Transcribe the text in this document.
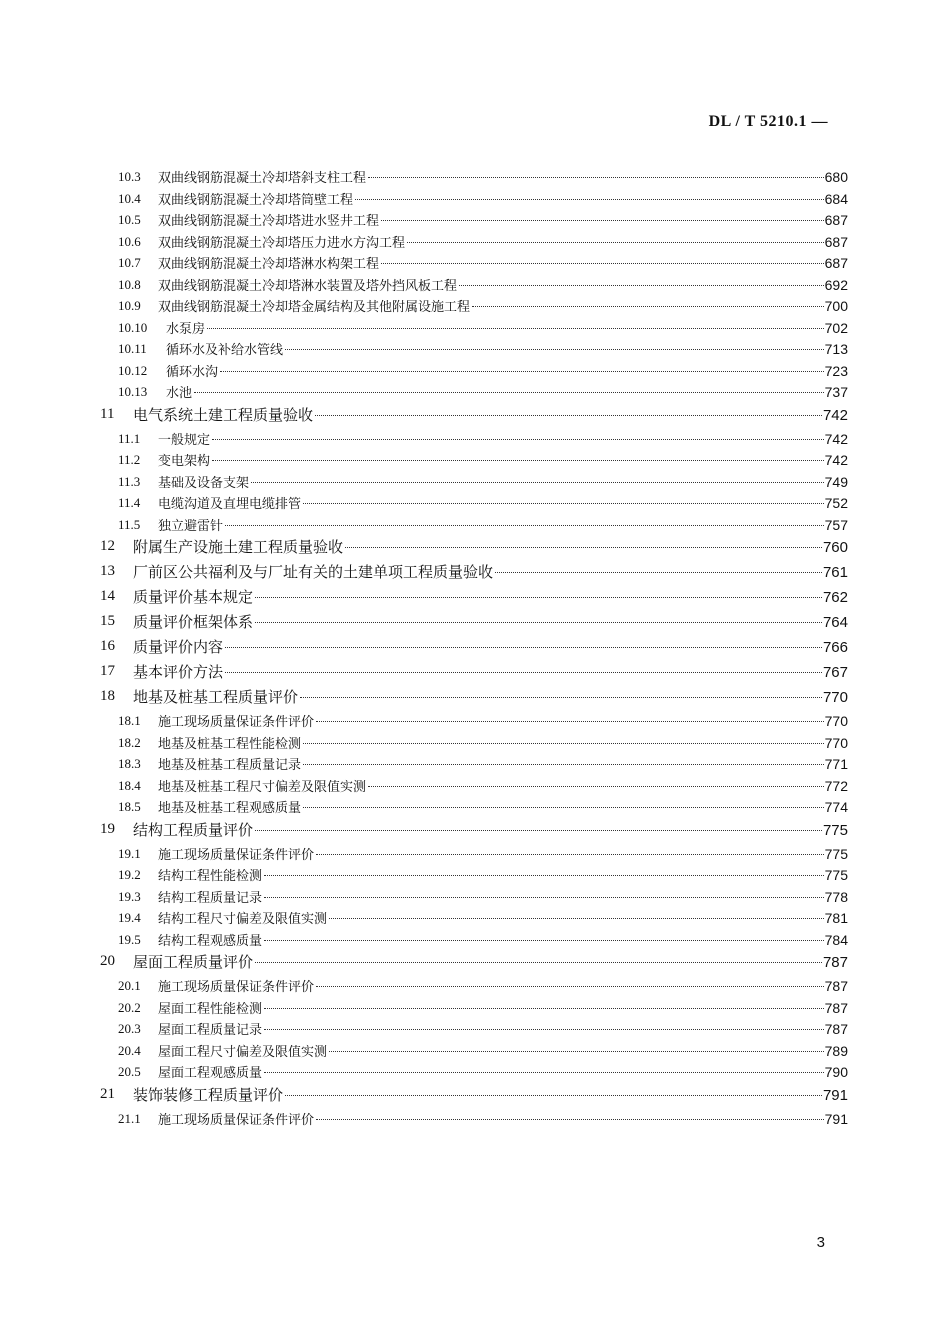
DL / T 5210.1 —
10.3 双曲线钢筋混凝土冷却塔斜支柱工程	680
10.4 双曲线钢筋混凝土冷却塔筒壁工程	684
10.5 双曲线钢筋混凝土冷却塔进水竖井工程	687
10.6 双曲线钢筋混凝土冷却塔压力进水方沟工程	687
10.7 双曲线钢筋混凝土冷却塔淋水构架工程	687
10.8 双曲线钢筋混凝土冷却塔淋水装置及塔外挡风板工程	692
10.9 双曲线钢筋混凝土冷却塔金属结构及其他附属设施工程	700
10.10 水泵房	702
10.11 循环水及补给水管线	713
10.12 循环水沟	723
10.13 水池	737
11 电气系统土建工程质量验收	742
11.1 一般规定	742
11.2 变电架构	742
11.3 基础及设备支架	749
11.4 电缆沟道及直埋电缆排管	752
11.5 独立避雷针	757
12 附属生产设施土建工程质量验收	760
13 厂前区公共福利及与厂址有关的土建单项工程质量验收	761
14 质量评价基本规定	762
15 质量评价框架体系	764
16 质量评价内容	766
17 基本评价方法	767
18 地基及桩基工程质量评价	770
18.1 施工现场质量保证条件评价	770
18.2 地基及桩基工程性能检测	770
18.3 地基及桩基工程质量记录	771
18.4 地基及桩基工程尺寸偏差及限值实测	772
18.5 地基及桩基工程观感质量	774
19 结构工程质量评价	775
19.1 施工现场质量保证条件评价	775
19.2 结构工程性能检测	775
19.3 结构工程质量记录	778
19.4 结构工程尺寸偏差及限值实测	781
19.5 结构工程观感质量	784
20 屋面工程质量评价	787
20.1 施工现场质量保证条件评价	787
20.2 屋面工程性能检测	787
20.3 屋面工程质量记录	787
20.4 屋面工程尺寸偏差及限值实测	789
20.5 屋面工程观感质量	790
21 装饰装修工程质量评价	791
21.1 施工现场质量保证条件评价	791
3
